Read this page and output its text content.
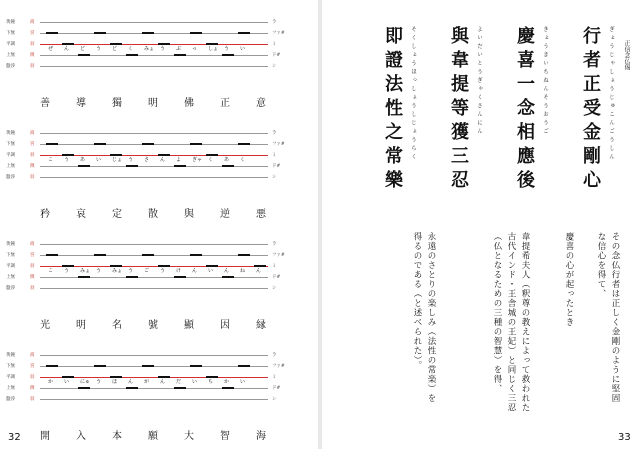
黄鐘	商	ラ
下無	宮	ファ#
平調	羽	ミ
上無	徴	ド#
盤渉	羽	シ
ぜ ん ど う ど く みょ う ぶ っ しょ う い
善 導 獨 明 佛 正 意
黄鐘	商	ラ
下無	宮	ファ#
平調	羽	ミ
上無	徴	ド#
盤渉	羽	シ
こ う あ い じょ う さ ん よ ぎゃ く あ く
矜 哀 定 散 與 逆 悪
黄鐘	商	ラ
下無	宮	ファ#
平調	羽	ミ
上無	徴	ド#
盤渉	羽	シ
こ う みょ う みょ う ご う け ん い ん ね ん
光 明 名 號 顯 因 縁
黄鐘	商	ラ
下無	宮	ファ#
平調	羽	ミ
上無	徴	ド#
盤渉	羽	シ
か い にゅ う ほ ん が ん だ い ち か い
開 入 本 願 大 智 海
32
正信念仏偈
行者正受金剛心	ぎょうじゃしょうじゅこんごうしん
慶喜一念相應後	きょうきいちねんそうおうご
與韋提等獲三忍	よいだいとうぎゃくさんにん
即證法性之常樂	そくしょうほっしょうしじょうらく
その念仏行者は正しく金剛のように堅固
な信心を得て、
慶喜の心が起ったとき
韋提希夫人（釈尊の教えによって救われた
古代インド・王舎城の王妃）と同じく三忍
（仏となるための三種の智慧）を得、
永遠のさとりの楽しみ（法性の常楽）を
得るのである（と述べられた）。
33
